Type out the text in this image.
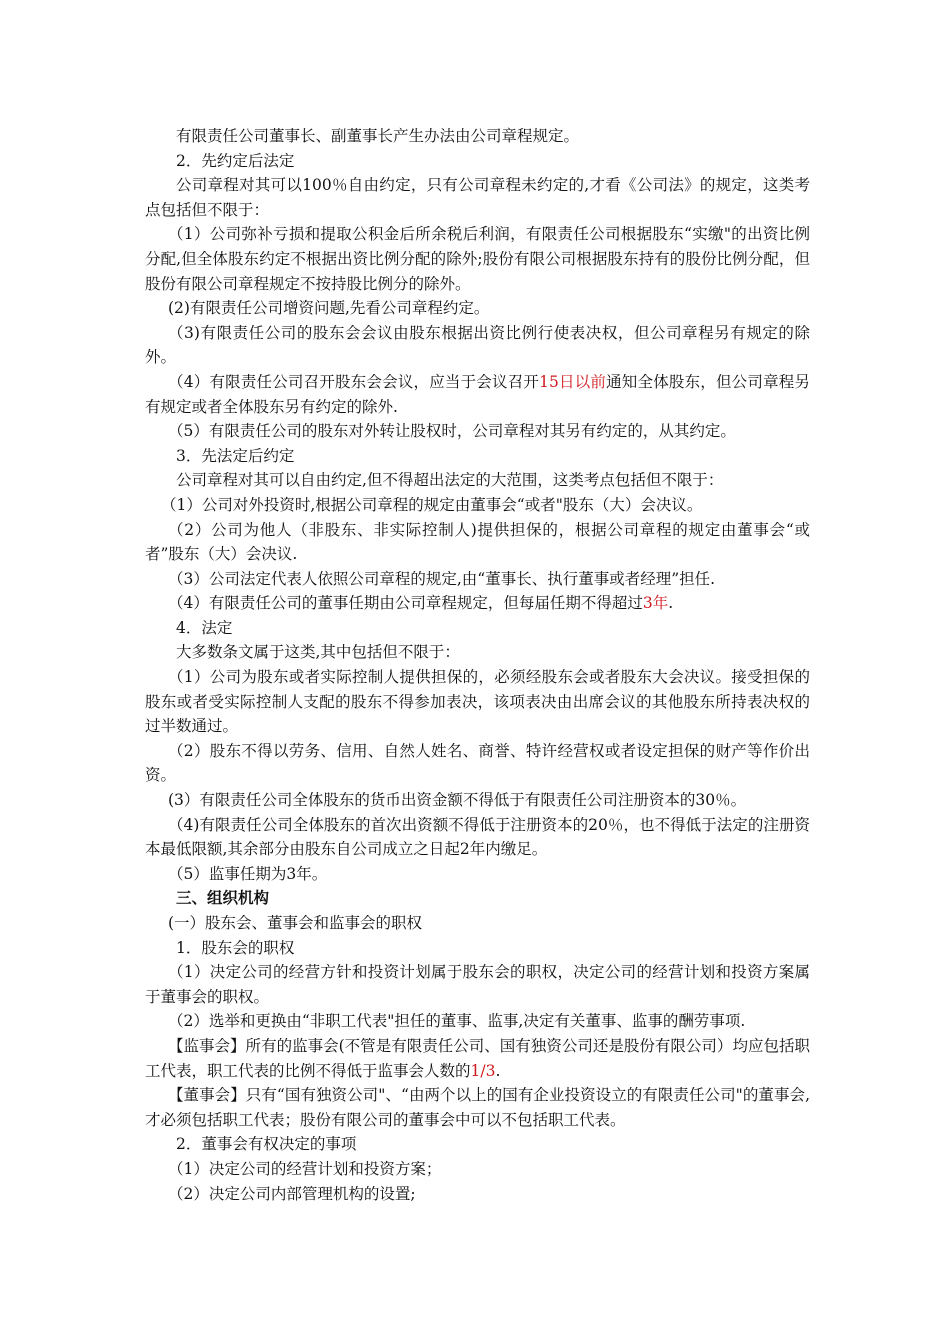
有限责任公司董事长、副董事长产生办法由公司章程规定。

2．先约定后法定

公司章程对其可以100％自由约定，只有公司章程未约定的,才看《公司法》的规定，这类考点包括但不限于：

（1）公司弥补亏损和提取公积金后所余税后利润，有限责任公司根据股东“实缴"的出资比例分配,但全体股东约定不根据出资比例分配的除外;股份有限公司根据股东持有的股份比例分配，但股份有限公司章程规定不按持股比例分的除外。

(2)有限责任公司增资问题,先看公司章程约定。

（3)有限责任公司的股东会会议由股东根据出资比例行使表决权，但公司章程另有规定的除外。

（4）有限责任公司召开股东会会议，应当于会议召开15日以前通知全体股东，但公司章程另有规定或者全体股东另有约定的除外.

（5）有限责任公司的股东对外转让股权时，公司章程对其另有约定的，从其约定。

3．先法定后约定

公司章程对其可以自由约定,但不得超出法定的大范围，这类考点包括但不限于：

（1）公司对外投资时,根据公司章程的规定由董事会“或者"股东（大）会决议。

（2）公司为他人（非股东、非实际控制人)提供担保的，根据公司章程的规定由董事会“或者”股东（大）会决议.

（3）公司法定代表人依照公司章程的规定,由“董事长、执行董事或者经理”担任.

（4）有限责任公司的董事任期由公司章程规定，但每届任期不得超过3年.

4．法定

大多数条文属于这类,其中包括但不限于：

（1）公司为股东或者实际控制人提供担保的，必须经股东会或者股东大会决议。接受担保的股东或者受实际控制人支配的股东不得参加表决，该项表决由出席会议的其他股东所持表决权的过半数通过。

（2）股东不得以劳务、信用、自然人姓名、商誉、特许经营权或者设定担保的财产等作价出资。

(3）有限责任公司全体股东的货币出资金额不得低于有限责任公司注册资本的30％。

（4)有限责任公司全体股东的首次出资额不得低于注册资本的20％，也不得低于法定的注册资本最低限额,其余部分由股东自公司成立之日起2年内缴足。

（5）监事任期为3年。

三、组织机构

(一）股东会、董事会和监事会的职权

1．股东会的职权

（1）决定公司的经营方针和投资计划属于股东会的职权，决定公司的经营计划和投资方案属于董事会的职权。

（2）选举和更换由“非职工代表"担任的董事、监事,决定有关董事、监事的酬劳事项.

【监事会】所有的监事会(不管是有限责任公司、国有独资公司还是股份有限公司）均应包括职工代表，职工代表的比例不得低于监事会人数的1/3.

【董事会】只有“国有独资公司"、“由两个以上的国有企业投资设立的有限责任公司"的董事会,才必须包括职工代表；股份有限公司的董事会中可以不包括职工代表。

2．董事会有权决定的事项

（1）决定公司的经营计划和投资方案；

（2）决定公司内部管理机构的设置;
